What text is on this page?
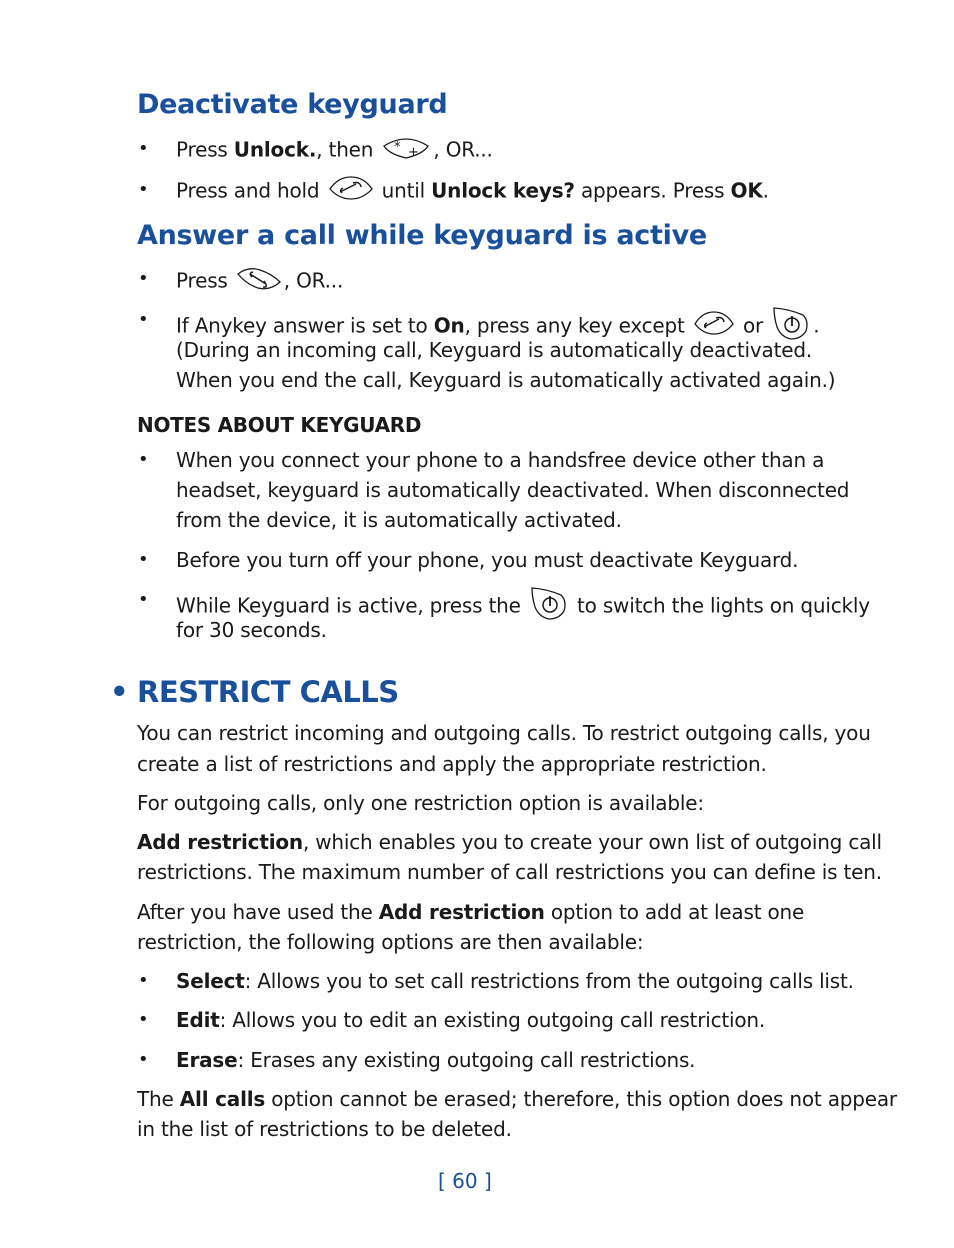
Deactivate keyguard
• Press Unlock., then * + , OR...
• Press and hold	until Unlock keys? appears. Press OK.
Answer a call while keyguard is active
• Press	, OR...
• If Anykey answer is set to On, press any key except  or .
(During an incoming call, Keyguard is automatically deactivated.
When you end the call, Keyguard is automatically activated again.)
NOTES ABOUT KEYGUARD
• When you connect your phone to a handsfree device other than a
headset, keyguard is automatically deactivated. When disconnected
from the device, it is automatically activated.
• Before you turn off your phone, you must deactivate Keyguard.
• While Keyguard is active, press the  to switch the lights on quickly
for 30 seconds.
• RESTRICT CALLS
You can restrict incoming and outgoing calls. To restrict outgoing calls, you
create a list of restrictions and apply the appropriate restriction.
For outgoing calls, only one restriction option is available:
Add restriction, which enables you to create your own list of outgoing call
restrictions. The maximum number of call restrictions you can define is ten.
After you have used the Add restriction option to add at least one
restriction, the following options are then available:
• Select: Allows you to set call restrictions from the outgoing calls list.
• Edit: Allows you to edit an existing outgoing call restriction.
• Erase: Erases any existing outgoing call restrictions.
The All calls option cannot be erased; therefore, this option does not appear
in the list of restrictions to be deleted.
[ 60 ]
